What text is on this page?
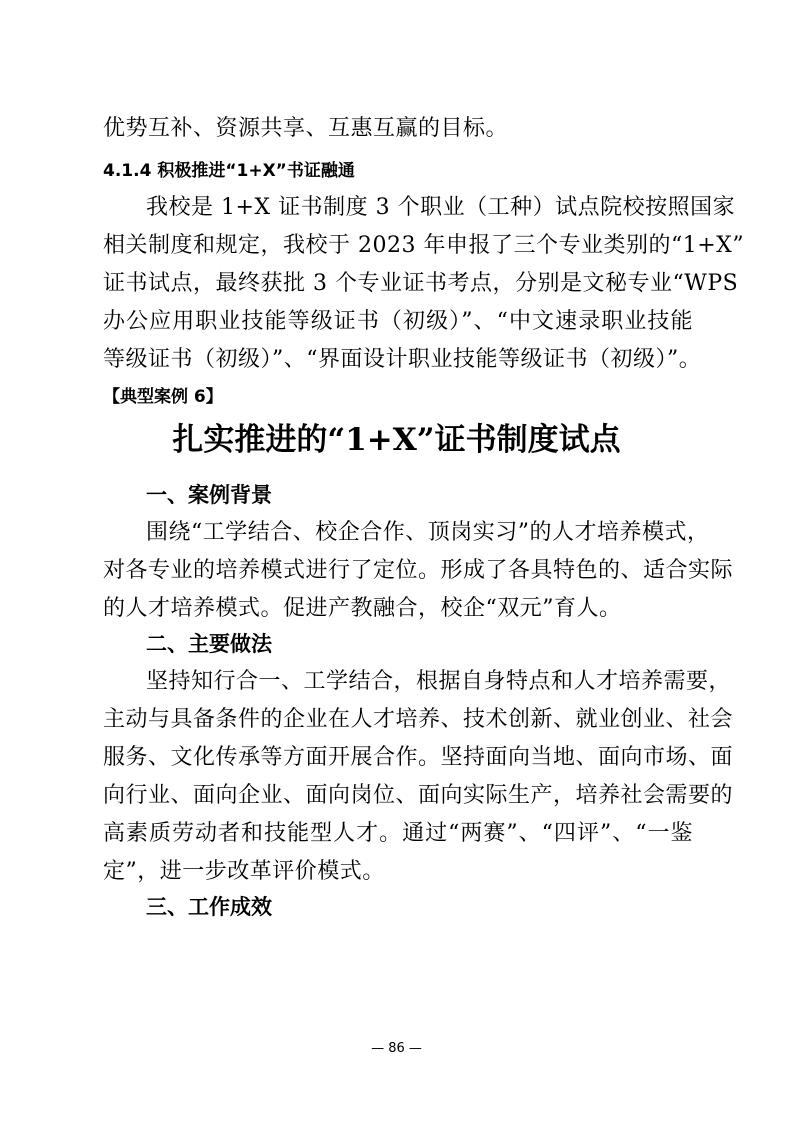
优势互补、资源共享、互惠互赢的目标。
4.1.4 积极推进“1+X”书证融通
我校是 1+X 证书制度 3 个职业（工种）试点院校按照国家
相关制度和规定，我校于 2023 年申报了三个专业类别的“1+X”
证书试点，最终获批 3 个专业证书考点，分别是文秘专业“WPS
办公应用职业技能等级证书（初级）”、“中文速录职业技能
等级证书（初级）”、“界面设计职业技能等级证书（初级）”。
【典型案例 6】
扎实推进的“1+X”证书制度试点
一、案例背景
围绕“工学结合、校企合作、顶岗实习”的人才培养模式，
对各专业的培养模式进行了定位。形成了各具特色的、适合实际
的人才培养模式。促进产教融合，校企“双元”育人。
二、主要做法
坚持知行合一、工学结合，根据自身特点和人才培养需要，
主动与具备条件的企业在人才培养、技术创新、就业创业、社会
服务、文化传承等方面开展合作。坚持面向当地、面向市场、面
向行业、面向企业、面向岗位、面向实际生产，培养社会需要的
高素质劳动者和技能型人才。通过“两赛”、“四评”、“一鉴
定”，进一步改革评价模式。
三、工作成效
— 86 —
